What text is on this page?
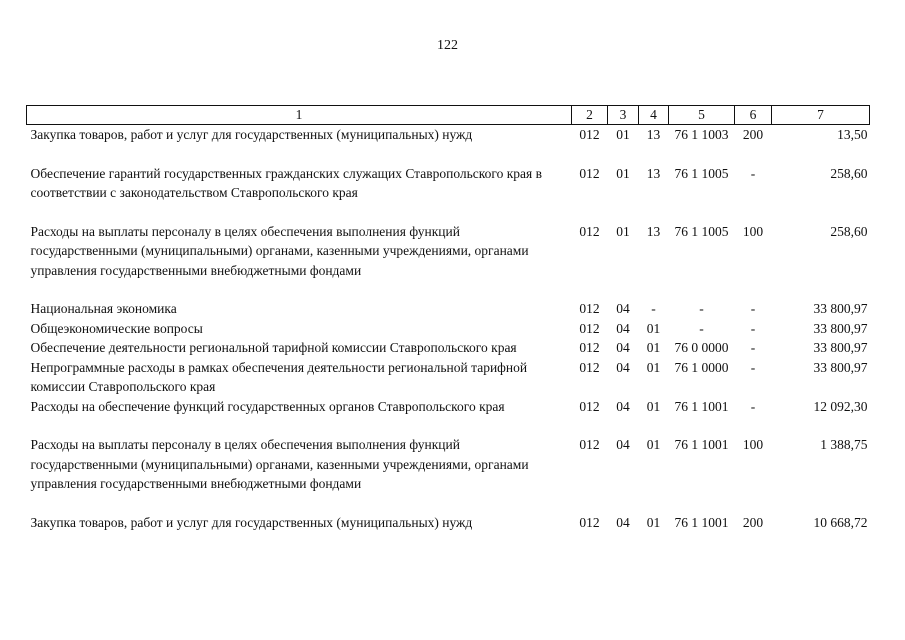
122
1	2	3	4	5	6	7
Закупка товаров, работ и услуг для государственных (муниципальных) нужд	012	01	13	76 1 1003	200	13,50
Обеспечение гарантий государственных гражданских служащих Ставропольского края в соответствии с законодательством Ставропольского края	012	01	13	76 1 1005	-	258,60
Расходы на выплаты персоналу в целях обеспечения выполнения функций государственными (муниципальными) органами, казенными учреждениями, органами управления государственными внебюджетными фондами	012	01	13	76 1 1005	100	258,60
Национальная экономика	012	04	-	-	-	33 800,97
Общеэкономические вопросы	012	04	01	-	-	33 800,97
Обеспечение деятельности региональной тарифной комиссии Ставропольского края	012	04	01	76 0 0000	-	33 800,97
Непрограммные расходы в рамках обеспечения деятельности региональной тарифной комиссии Ставропольского края	012	04	01	76 1 0000	-	33 800,97
Расходы на обеспечение функций государственных органов Ставропольского края	012	04	01	76 1 1001	-	12 092,30
Расходы на выплаты персоналу в целях обеспечения выполнения функций государственными (муниципальными) органами, казенными учреждениями, органами управления государственными внебюджетными фондами	012	04	01	76 1 1001	100	1 388,75
Закупка товаров, работ и услуг для государственных (муниципальных) нужд	012	04	01	76 1 1001	200	10 668,72
